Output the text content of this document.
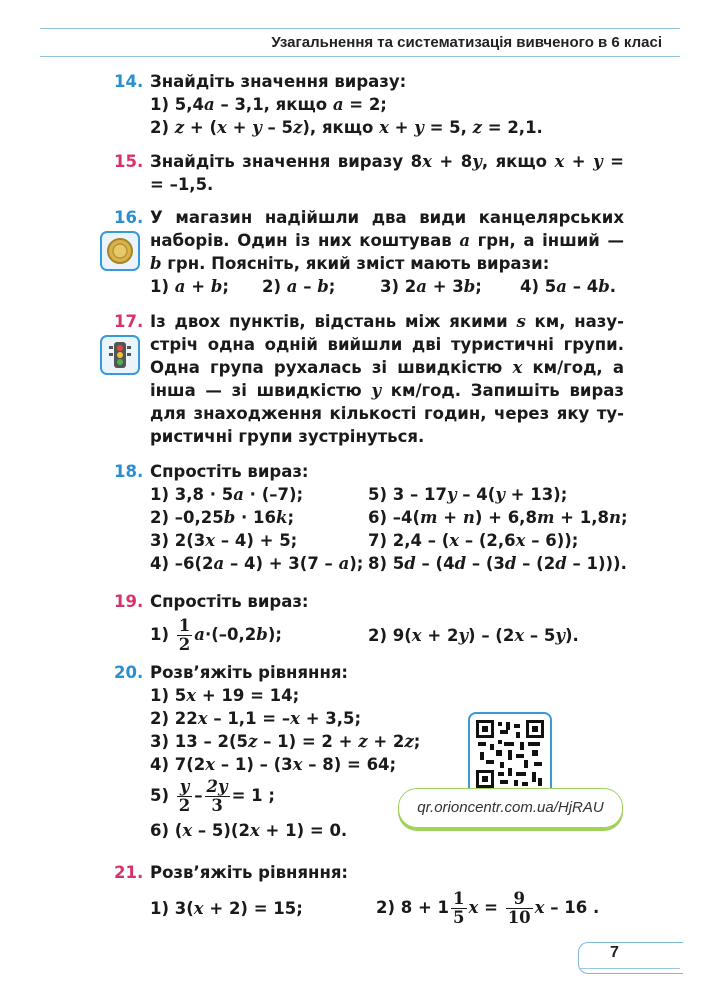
Узагальнення та систематизація вивченого в 6 класі
14. Знайдіть значення виразу:
1) 5,4a – 3,1, якщо a = 2;
2) z + (x + y – 5z), якщо x + y = 5, z = 2,1.
15. Знайдіть значення виразу 8x + 8y, якщо x + y =
= –1,5.
16. У магазин надійшли два види канцелярських
наборів. Один із них коштував a грн, а інший —
b грн. Поясніть, який зміст мають вирази:
1) a + b; 2) a – b;	3) 2a + 3b; 4) 5a – 4b.
17. Із двох пунктів, відстань між якими s км, назу-
стріч одна одній вийшли дві туристичні групи.
Одна група рухалась зі швидкістю x км/год, а
інша — зі швидкістю y км/год. Запишіть вираз
для знаходження кількості годин, через яку ту-
ристичні групи зустрінуться.
18. Спростіть вираз:
1) 3,8 · 5a · (–7);	5) 3 – 17y – 4(y + 13);
2) –0,25b · 16k;	6) –4(m + n) + 6,8m + 1,8n;
3) 2(3x – 4) + 5;	7) 2,4 – (x – (2,6x – 6));
4) –6(2a – 4) + 3(7 – a); 8) 5d – (4d – (3d – (2d – 1))).
19. Спростіть вираз:
$1) \frac{1}{2} a\cdot(-0,2b)$;	2) 9(x + 2y) – (2x – 5y).
20. Розв’яжіть рівняння:
1) 5x + 19 = 14;
2) 22x – 1,1 = –x + 3,5;
3) 13 – 2(5z – 1) = 2 + z + 2z;
4) 7(2x – 1) – (3x – 8) = 64;
$5) \frac{y}{2} - \frac{2y}{3} = 1$ ;
6) (x – 5)(2x + 1) = 0.
qr.orioncentr.com.ua/HjRAU
21. Розв’яжіть рівняння:
1) 3(x + 2) = 15;	2) $8 + 1 \frac{1}{5}$ $x = \frac{9}{10}$ x – 16 .
7
